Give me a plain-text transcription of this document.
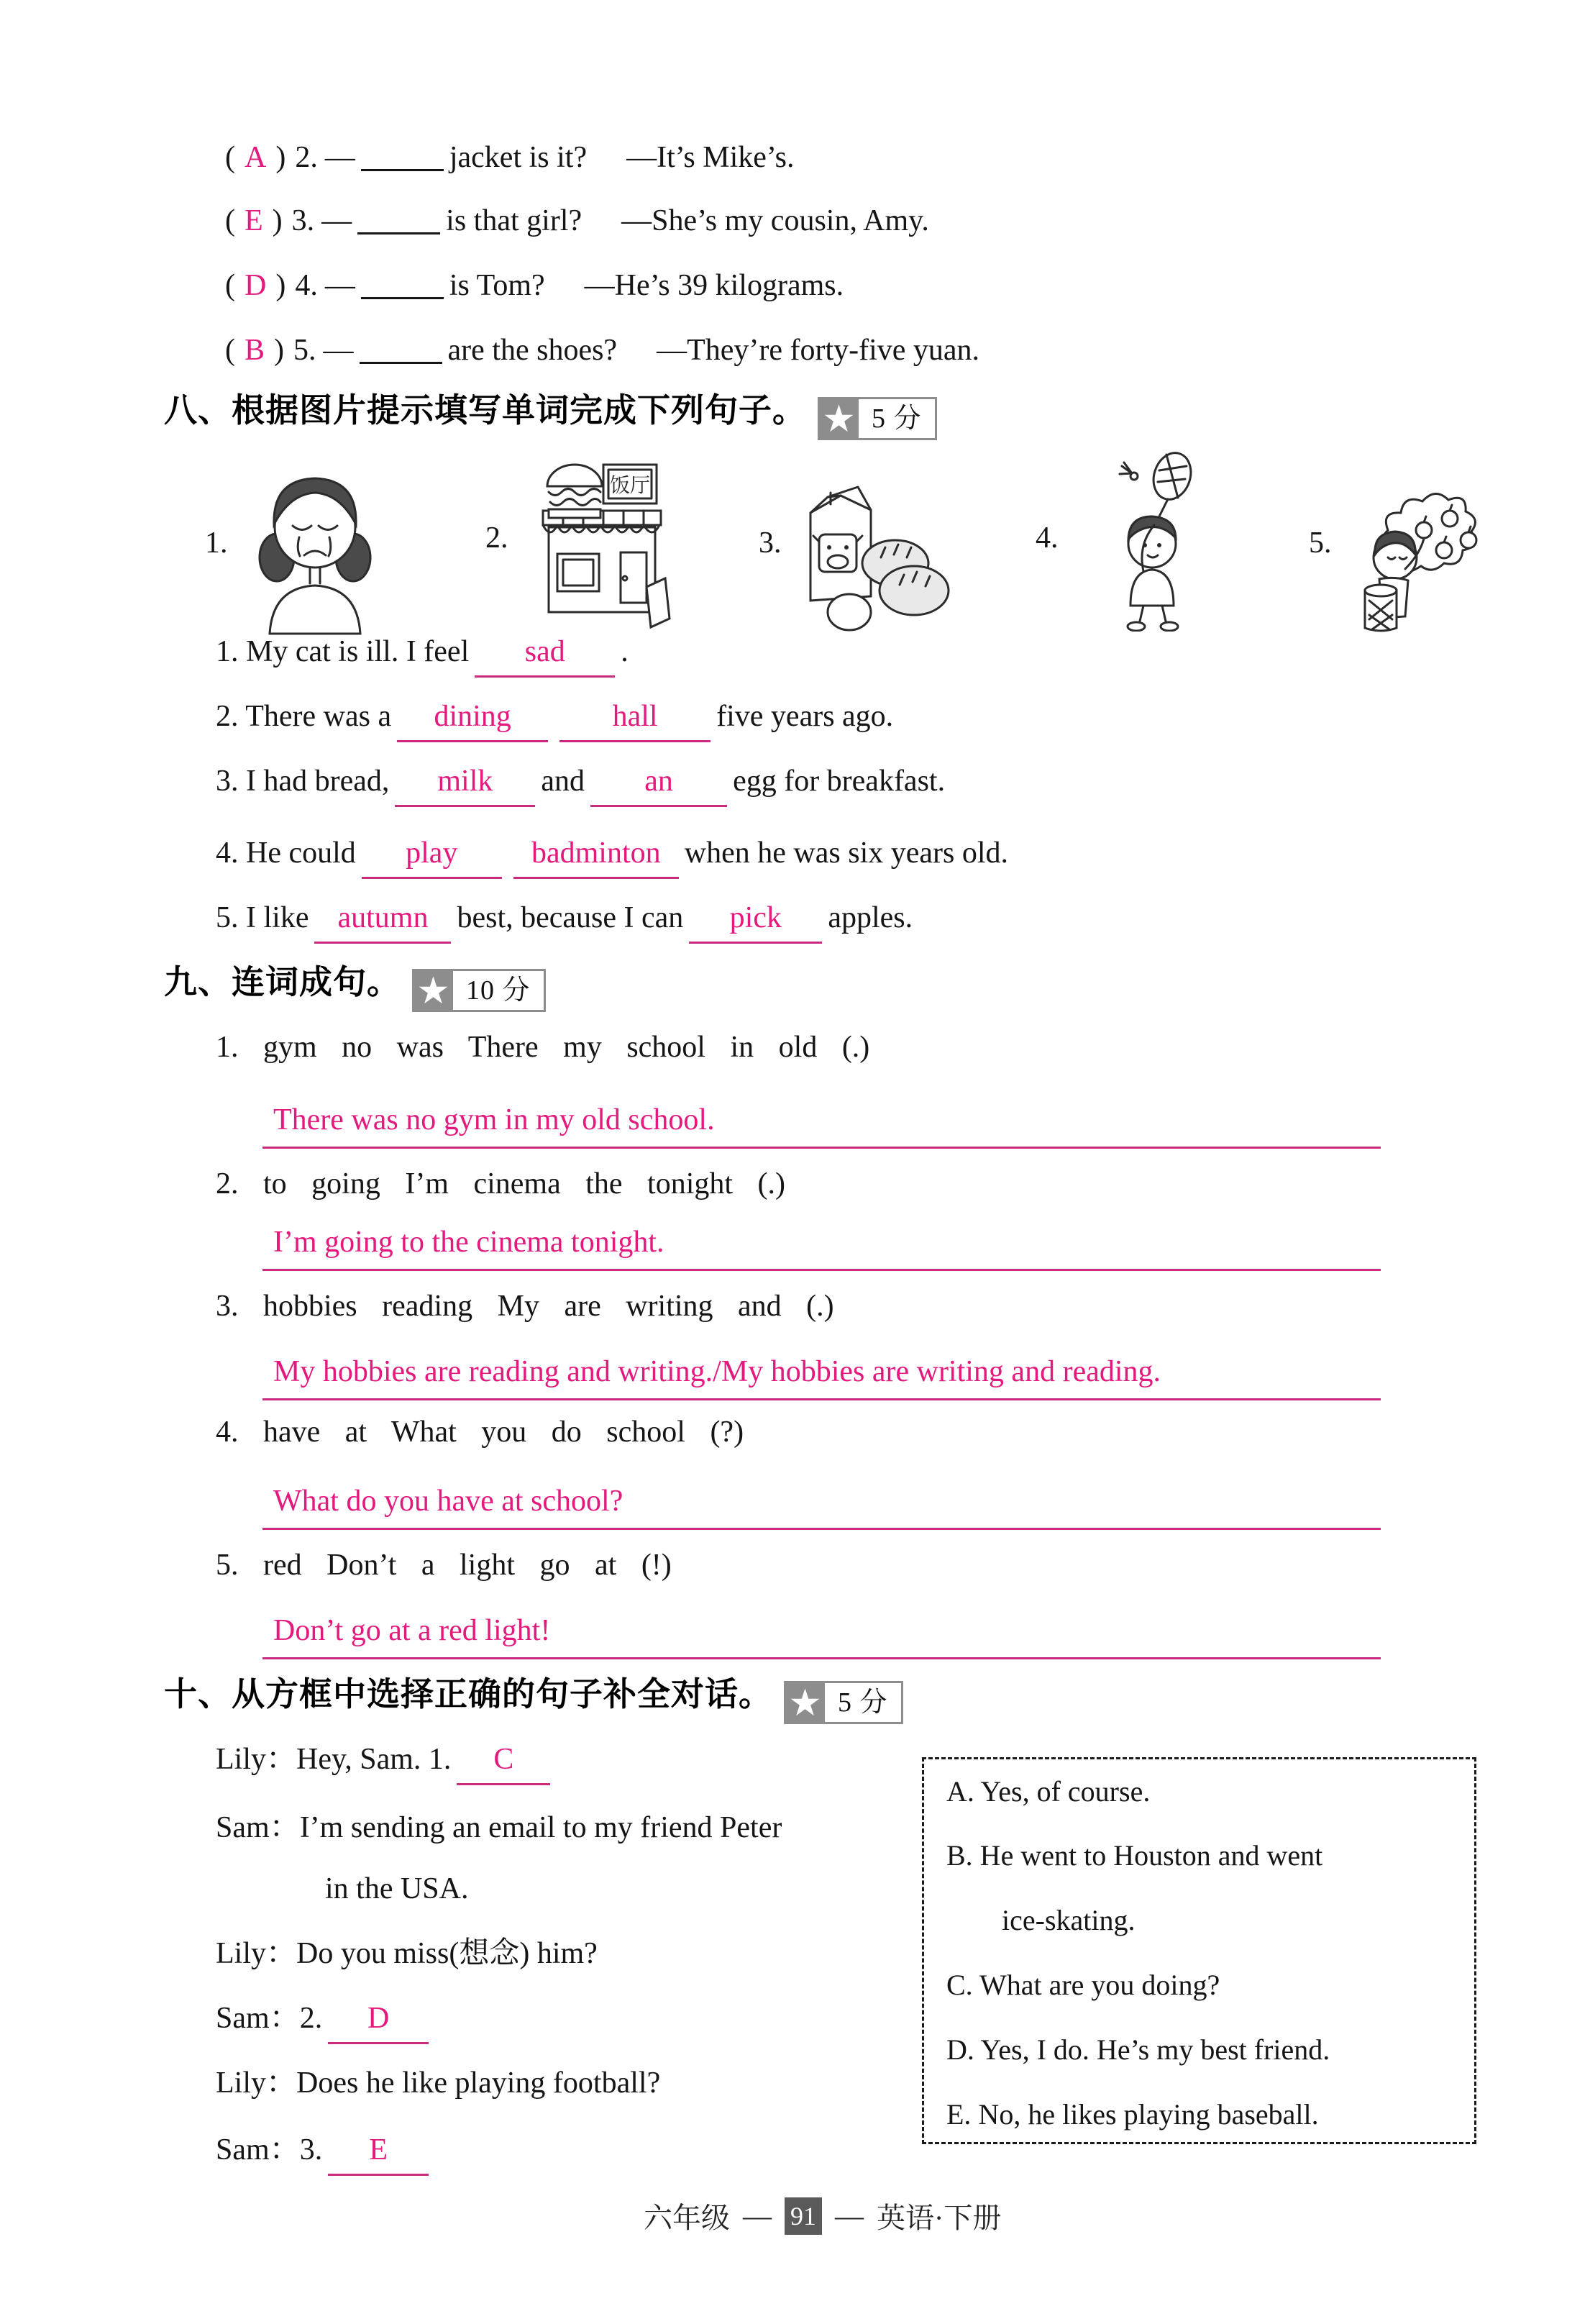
( A ) 2. —	jacket is it? —It’s Mike’s.
( E ) 3. —	is that girl? —She’s my cousin, Amy.
( D ) 4. —	is Tom? —He’s 39 kilograms.
( B ) 5. —	are the shoes? —They’re forty-five yuan.
八、根据图片提示填写单词完成下列句子。 ★ 5 分
1.	2.
饭厅
3.	4.	5.
1. My cat is ill. I feel sad .
2. There was a dining	hall five years ago.
3. I had bread, milk and an egg for breakfast.
4. He could play badminton when he was six years old.
5. I like autumn best, because I can pick apples.
九、连词成句。 ★ 10 分
1. gym no was There my school in old (.)
There was no gym in my old school.
2. to going I’m cinema the tonight (.)
I’m going to the cinema tonight.
3. hobbies reading My are writing and (.)
My hobbies are reading and writing./My hobbies are writing and reading.
4. have at What you do school (?)
What do you have at school?
5. red Don’t a light go at (!)
Don’t go at a red light!
十、从方框中选择正确的句子补全对话。 ★ 5 分
Lily：Hey, Sam. 1. C
Sam：I’m sending an email to my friend Peter
in the USA.
Lily：Do you miss(想念) him?
Sam：2. D
Lily：Does he like playing football?
Sam：3. E
A. Yes, of course.
B. He went to Houston and went
ice-skating.
C. What are you doing?
D. Yes, I do. He’s my best friend.
E. No, he likes playing baseball.
六年级 — 91 — 英语·下册
